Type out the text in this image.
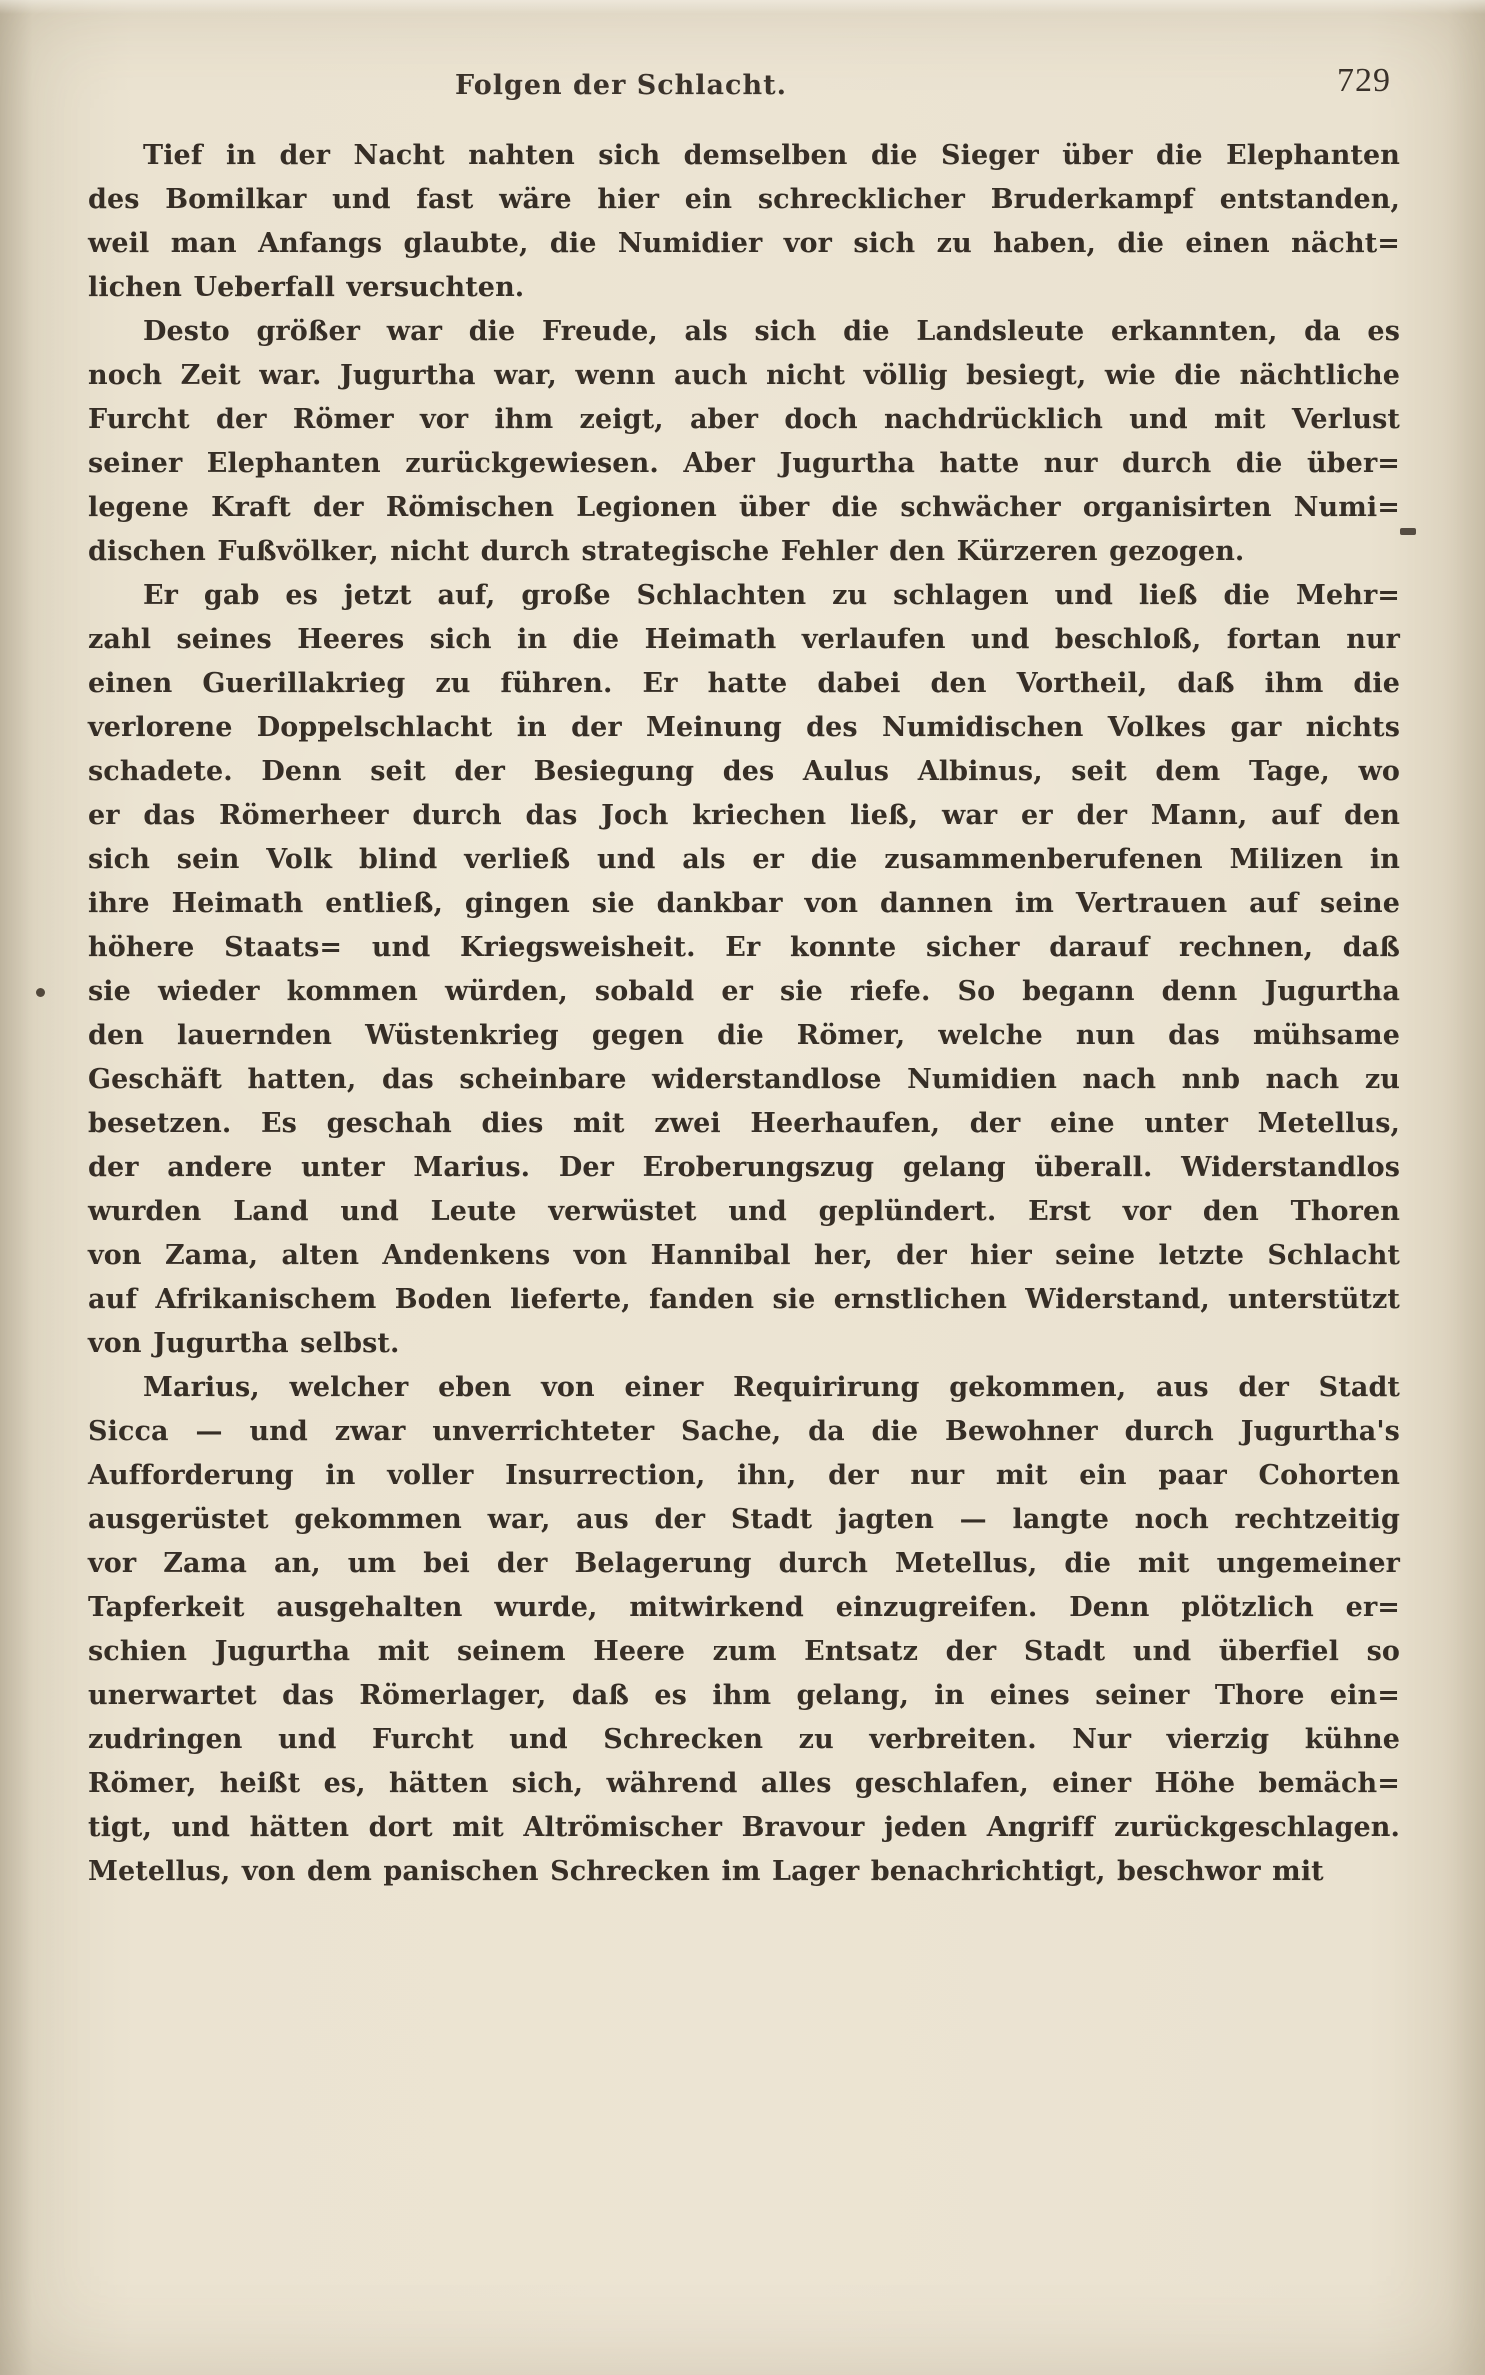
Folgen der Schlacht.	729

Tief in der Nacht nahten sich demselben die Sieger über die Elephanten
des Bomilkar und fast wäre hier ein schrecklicher Bruderkampf entstanden,
weil man Anfangs glaubte, die Numidier vor sich zu haben, die einen nächt=
lichen Ueberfall versuchten.

Desto größer war die Freude, als sich die Landsleute erkannten, da es
noch Zeit war. Jugurtha war, wenn auch nicht völlig besiegt, wie die nächtliche
Furcht der Römer vor ihm zeigt, aber doch nachdrücklich und mit Verlust
seiner Elephanten zurückgewiesen. Aber Jugurtha hatte nur durch die über=
legene Kraft der Römischen Legionen über die schwächer organisirten Numi=
dischen Fußvölker, nicht durch strategische Fehler den Kürzeren gezogen.

Er gab es jetzt auf, große Schlachten zu schlagen und ließ die Mehr=
zahl seines Heeres sich in die Heimath verlaufen und beschloß, fortan nur
einen Guerillakrieg zu führen. Er hatte dabei den Vortheil, daß ihm die
verlorene Doppelschlacht in der Meinung des Numidischen Volkes gar nichts
schadete. Denn seit der Besiegung des Aulus Albinus, seit dem Tage, wo
er das Römerheer durch das Joch kriechen ließ, war er der Mann, auf den
sich sein Volk blind verließ und als er die zusammenberufenen Milizen in
ihre Heimath entließ, gingen sie dankbar von dannen im Vertrauen auf seine
höhere Staats= und Kriegsweisheit. Er konnte sicher darauf rechnen, daß
sie wieder kommen würden, sobald er sie riefe. So begann denn Jugurtha
den lauernden Wüstenkrieg gegen die Römer, welche nun das mühsame
Geschäft hatten, das scheinbare widerstandlose Numidien nach nnb nach zu
besetzen. Es geschah dies mit zwei Heerhaufen, der eine unter Metellus,
der andere unter Marius. Der Eroberungszug gelang überall. Widerstandlos
wurden Land und Leute verwüstet und geplündert. Erst vor den Thoren
von Zama, alten Andenkens von Hannibal her, der hier seine letzte Schlacht
auf Afrikanischem Boden lieferte, fanden sie ernstlichen Widerstand, unterstützt
von Jugurtha selbst.

Marius, welcher eben von einer Requirirung gekommen, aus der Stadt
Sicca — und zwar unverrichteter Sache, da die Bewohner durch Jugurtha's
Aufforderung in voller Insurrection, ihn, der nur mit ein paar Cohorten
ausgerüstet gekommen war, aus der Stadt jagten — langte noch rechtzeitig
vor Zama an, um bei der Belagerung durch Metellus, die mit ungemeiner
Tapferkeit ausgehalten wurde, mitwirkend einzugreifen. Denn plötzlich er=
schien Jugurtha mit seinem Heere zum Entsatz der Stadt und überfiel so
unerwartet das Römerlager, daß es ihm gelang, in eines seiner Thore ein=
zudringen und Furcht und Schrecken zu verbreiten. Nur vierzig kühne
Römer, heißt es, hätten sich, während alles geschlafen, einer Höhe bemäch=
tigt, und hätten dort mit Altrömischer Bravour jeden Angriff zurückgeschlagen.
Metellus, von dem panischen Schrecken im Lager benachrichtigt, beschwor mit
